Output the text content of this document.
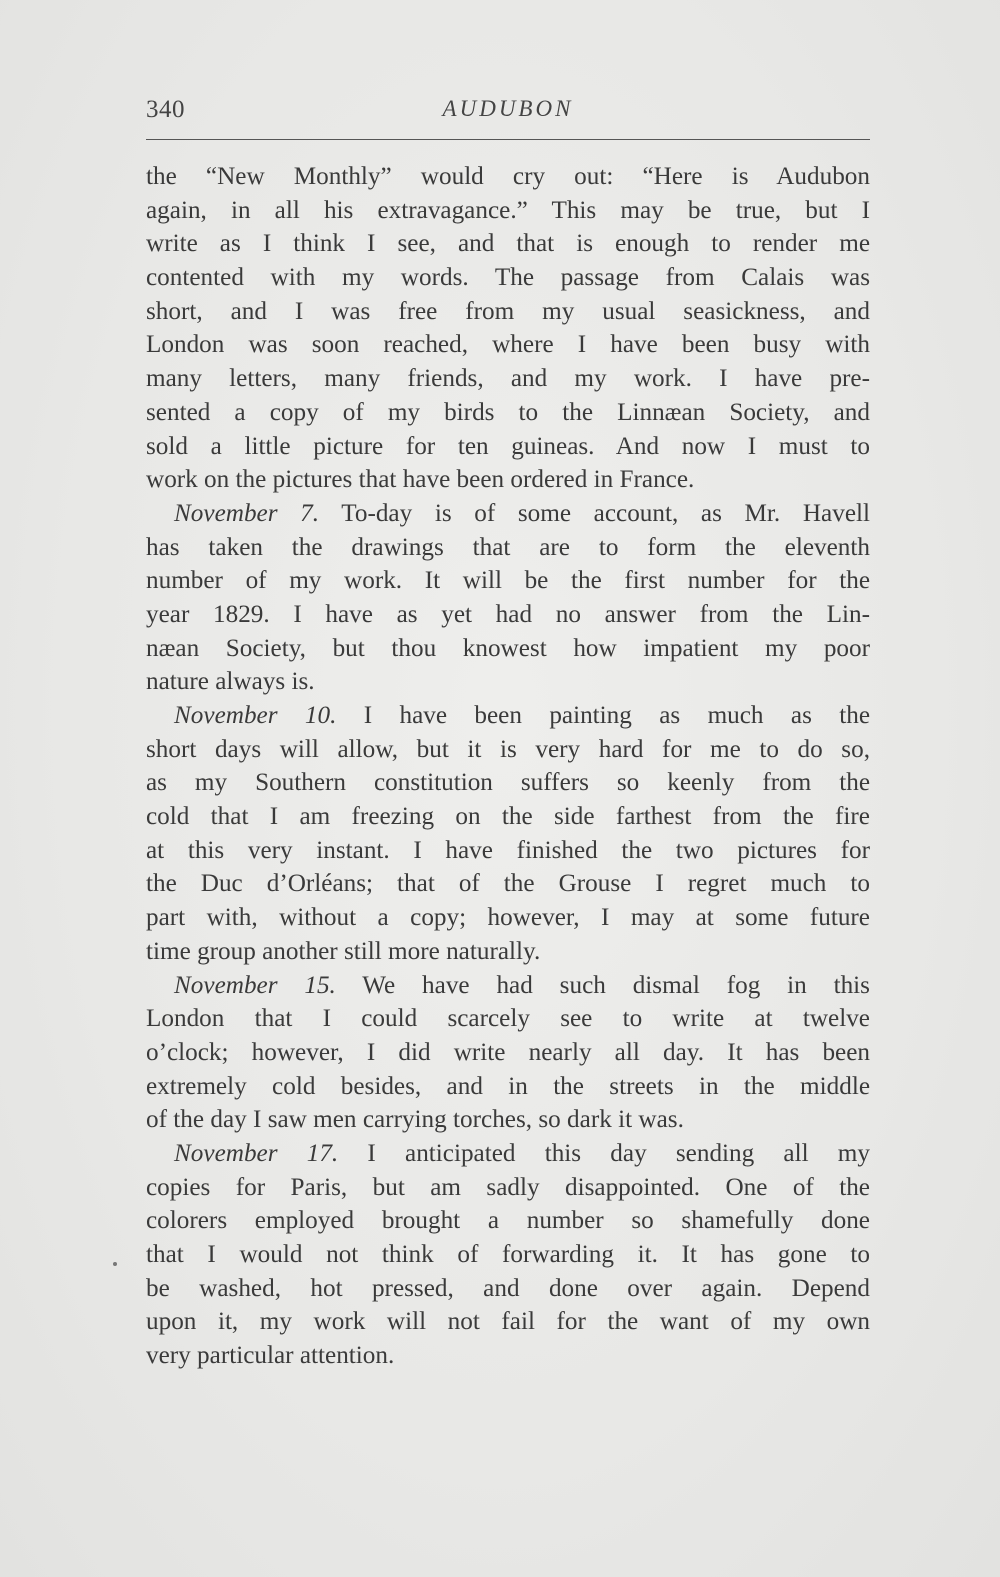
340	AUDUBON
the “New Monthly” would cry out: “Here is Audubon
again, in all his extravagance.” This may be true, but I
write as I think I see, and that is enough to render me
contented with my words. The passage from Calais was
short, and I was free from my usual seasickness, and
London was soon reached, where I have been busy with
many letters, many friends, and my work. I have pre-
sented a copy of my birds to the Linnæan Society, and
sold a little picture for ten guineas. And now I must to
work on the pictures that have been ordered in France.
November 7. To-day is of some account, as Mr. Havell
has taken the drawings that are to form the eleventh
number of my work. It will be the first number for the
year 1829. I have as yet had no answer from the Lin-
næan Society, but thou knowest how impatient my poor
nature always is.
November 10. I have been painting as much as the
short days will allow, but it is very hard for me to do so,
as my Southern constitution suffers so keenly from the
cold that I am freezing on the side farthest from the fire
at this very instant. I have finished the two pictures for
the Duc d’Orléans; that of the Grouse I regret much to
part with, without a copy; however, I may at some future
time group another still more naturally.
November 15. We have had such dismal fog in this
London that I could scarcely see to write at twelve
o’clock; however, I did write nearly all day. It has been
extremely cold besides, and in the streets in the middle
of the day I saw men carrying torches, so dark it was.
November 17. I anticipated this day sending all my
copies for Paris, but am sadly disappointed. One of the
colorers employed brought a number so shamefully done
that I would not think of forwarding it. It has gone to
be washed, hot pressed, and done over again. Depend
upon it, my work will not fail for the want of my own
very particular attention.
